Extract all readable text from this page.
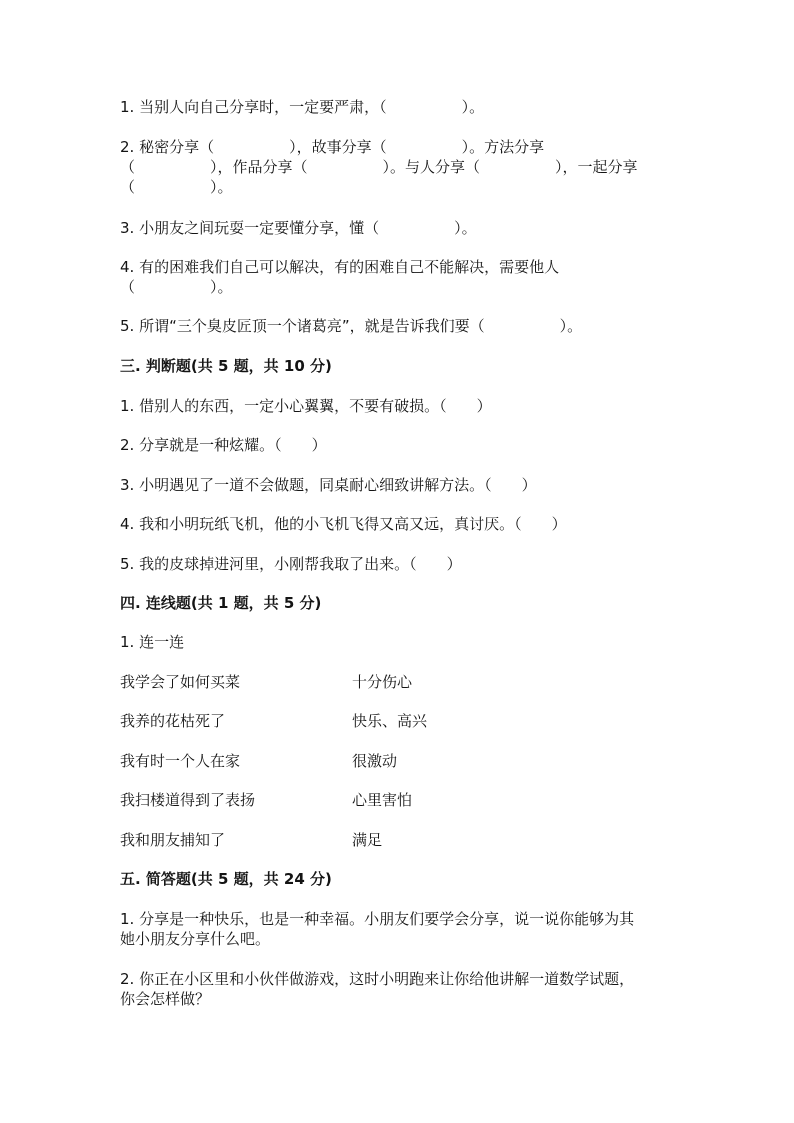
1. 当别人向自己分享时，一定要严肃，（　　　　　）。

2. 秘密分享（　　　　　），故事分享（　　　　　）。方法分享

（　　　　　），作品分享（　　　　　）。与人分享（　　　　　），一起分享

（　　　　　）。

3. 小朋友之间玩耍一定要懂分享，懂（　　　　　）。

4. 有的困难我们自己可以解决，有的困难自己不能解决，需要他人

（　　　　　）。

5. 所谓“三个臭皮匠顶一个诸葛亮”，就是告诉我们要（　　　　　）。

三. 判断题(共 5 题，共 10 分)

1. 借别人的东西，一定小心翼翼，不要有破损。（　　）

2. 分享就是一种炫耀。（　　）

3. 小明遇见了一道不会做题，同桌耐心细致讲解方法。（　　）

4. 我和小明玩纸飞机，他的小飞机飞得又高又远，真讨厌。（　　）

5. 我的皮球掉进河里，小刚帮我取了出来。（　　）

四. 连线题(共 1 题，共 5 分)

1. 连一连

我学会了如何买菜	十分伤心

我养的花枯死了	快乐、高兴

我有时一个人在家	很激动

我扫楼道得到了表扬	心里害怕

我和朋友捕知了	满足

五. 简答题(共 5 题，共 24 分)

1. 分享是一种快乐，也是一种幸福。小朋友们要学会分享，说一说你能够为其

她小朋友分享什么吧。

2. 你正在小区里和小伙伴做游戏，这时小明跑来让你给他讲解一道数学试题，

你会怎样做？
